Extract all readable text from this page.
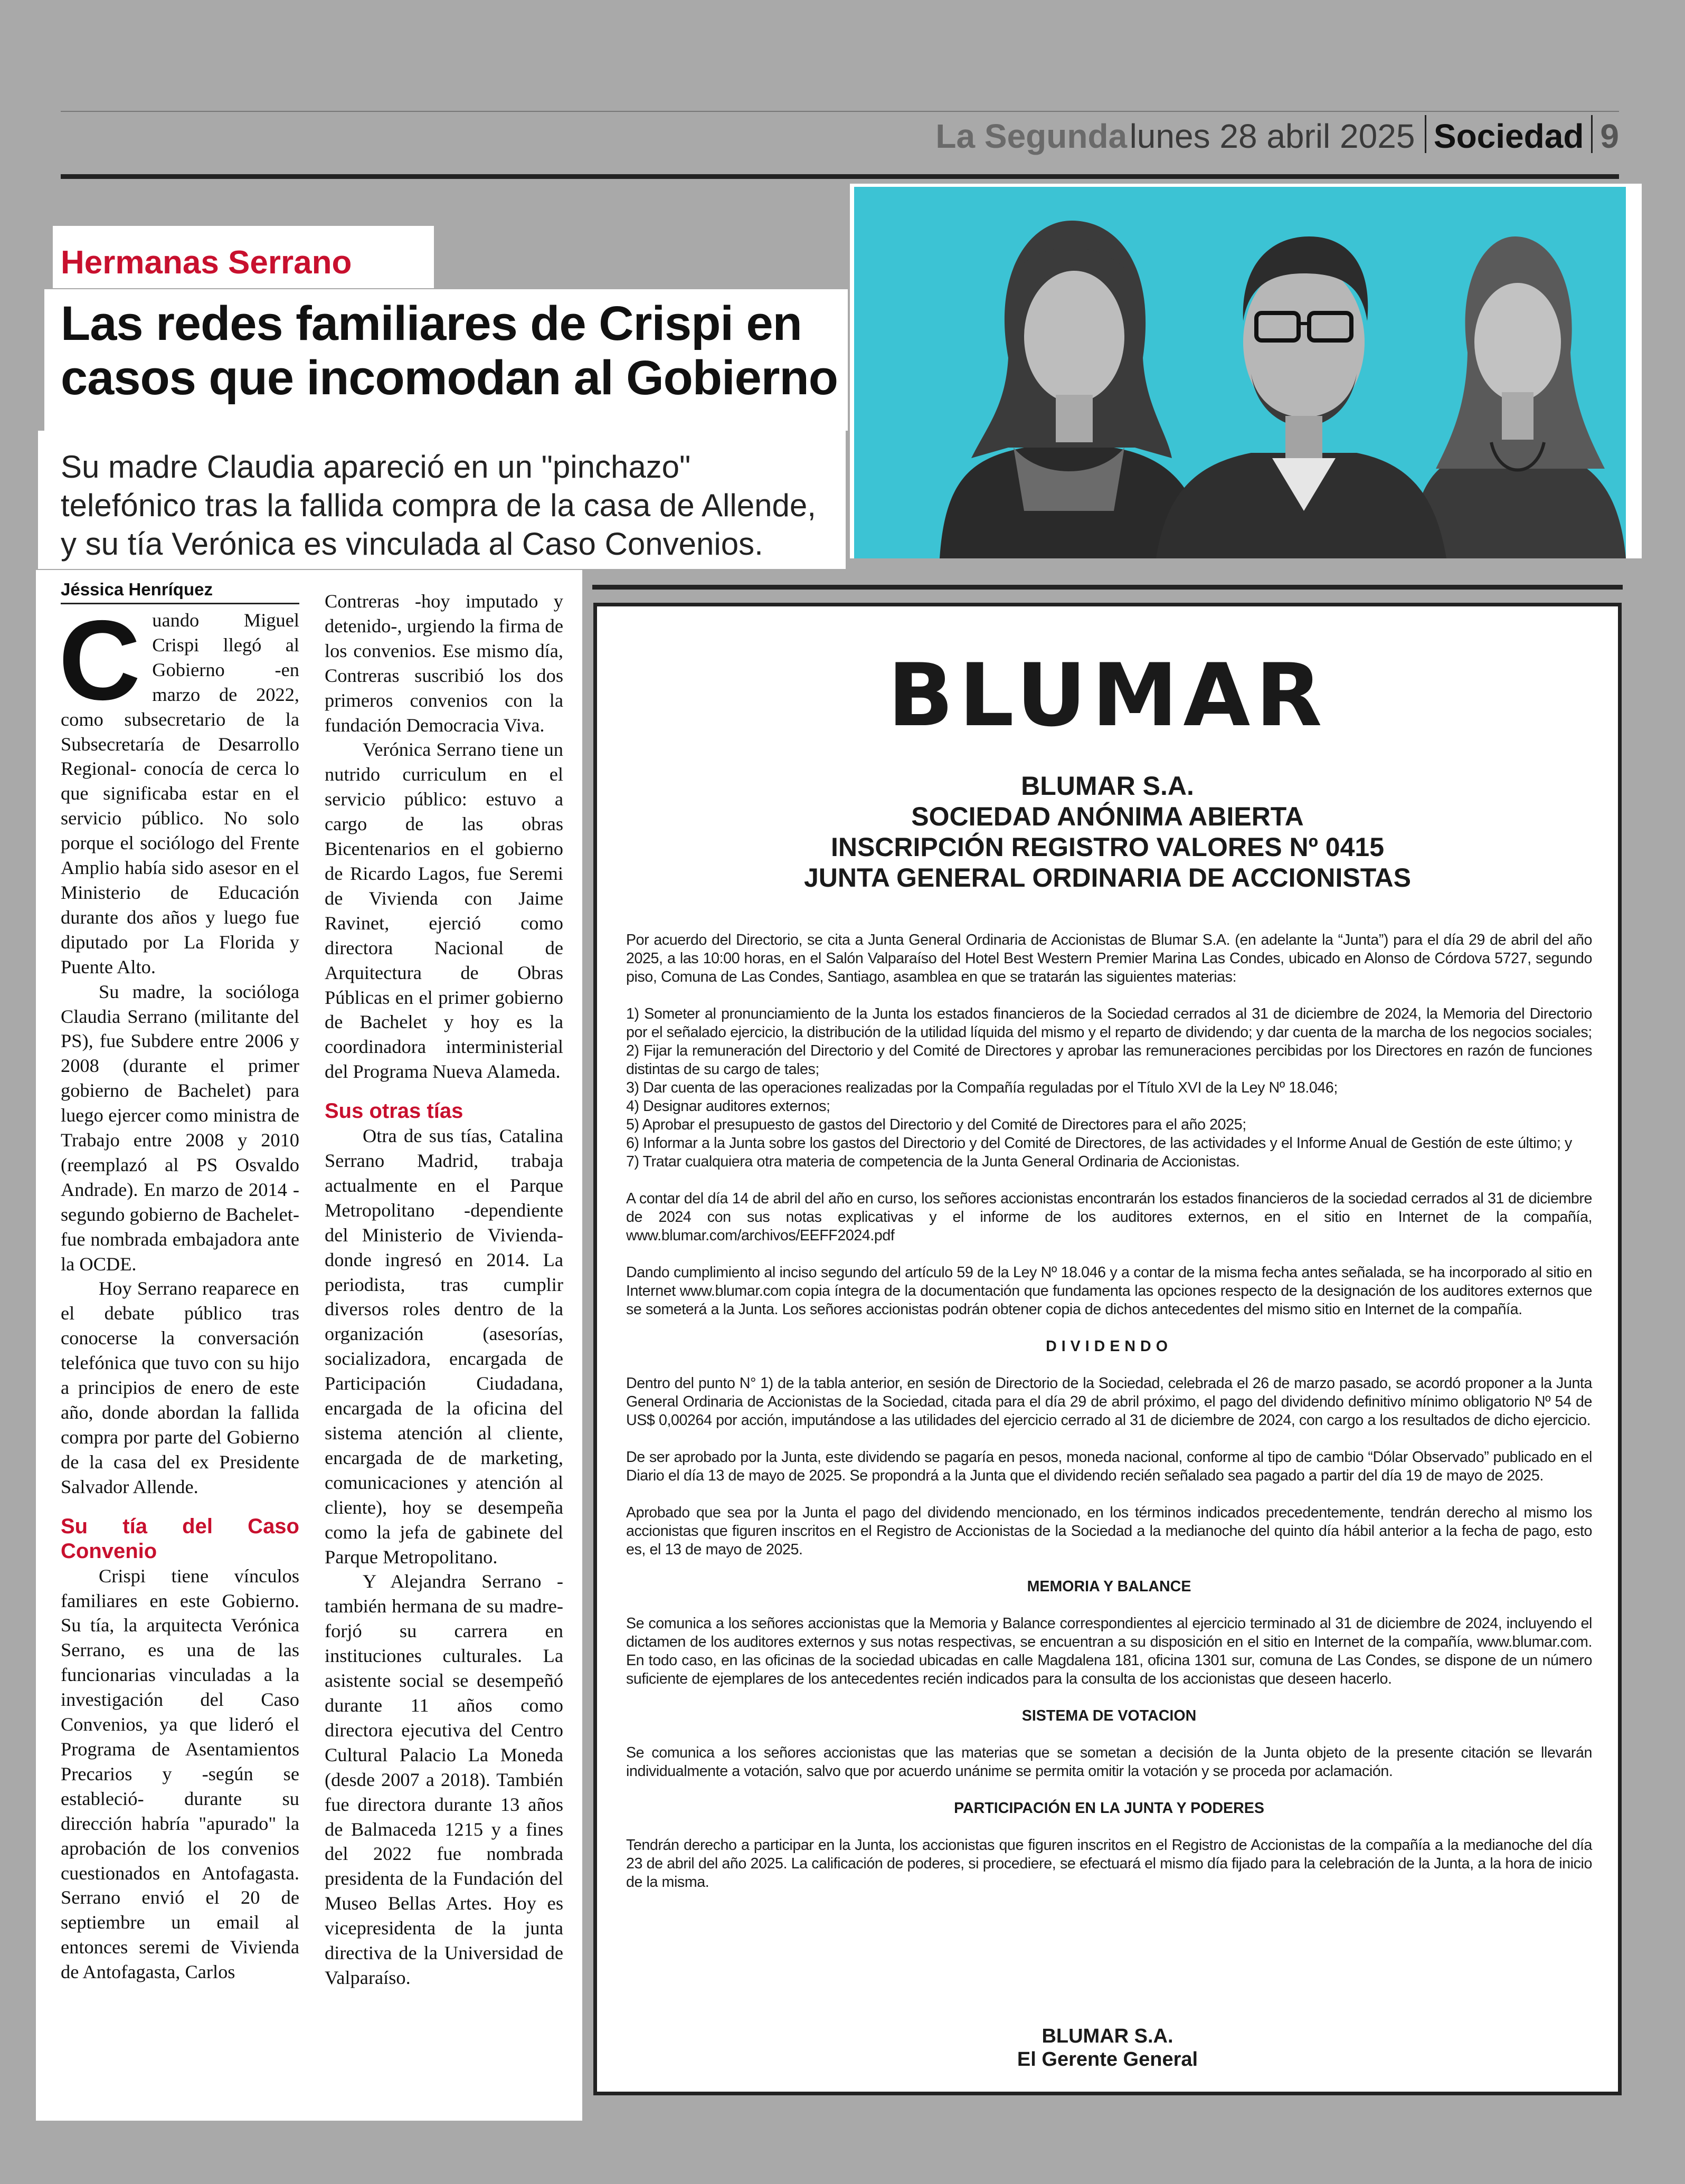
La Segunda lunes 28 abril 2025 Sociedad 9
Hermanas Serrano
Las redes familiares de Crispi en
casos que incomodan al Gobierno
Su madre Claudia apareció en un "pinchazo"
telefónico tras la fallida compra de la casa de Allende,
y su tía Verónica es vinculada al Caso Convenios.
Jéssica Henríquez

Cuando Miguel Crispi llegó al Gobierno -en marzo de 2022, como subsecretario de la Subsecretaría de Desarrollo Regional- conocía de cerca lo que significaba estar en el servicio público. No solo porque el sociólogo del Frente Amplio había sido asesor en el Ministerio de Educación durante dos años y luego fue diputado por La Florida y Puente Alto.

Su madre, la socióloga Claudia Serrano (militante del PS), fue Subdere entre 2006 y 2008 (durante el primer gobierno de Bachelet) para luego ejercer como ministra de Trabajo entre 2008 y 2010 (reemplazó al PS Osvaldo Andrade). En marzo de 2014 -segundo gobierno de Bachelet- fue nombrada embajadora ante la OCDE.

Hoy Serrano reaparece en el debate público tras conocerse la conversación telefónica que tuvo con su hijo a principios de enero de este año, donde abordan la fallida compra por parte del Gobierno de la casa del ex Presidente Salvador Allende.

Su tía del Caso Convenio

Crispi tiene vínculos familiares en este Gobierno. Su tía, la arquitecta Verónica Serrano, es una de las funcionarias vinculadas a la investigación del Caso Convenios, ya que lideró el Programa de Asentamientos Precarios y -según se estableció- durante su dirección habría "apurado" la aprobación de los convenios cuestionados en Antofagasta. Serrano envió el 20 de septiembre un email al entonces seremi de Vivienda de Antofagasta, Carlos

Contreras -hoy imputado y detenido-, urgiendo la firma de los convenios. Ese mismo día, Contreras suscribió los dos primeros convenios con la fundación Democracia Viva.

Verónica Serrano tiene un nutrido curriculum en el servicio público: estuvo a cargo de las obras Bicentenarios en el gobierno de Ricardo Lagos, fue Seremi de Vivienda con Jaime Ravinet, ejerció como directora Nacional de Arquitectura de Obras Públicas en el primer gobierno de Bachelet y hoy es la coordinadora interministerial del Programa Nueva Alameda.

Sus otras tías

Otra de sus tías, Catalina Serrano Madrid, trabaja actualmente en el Parque Metropolitano -dependiente del Ministerio de Vivienda- donde ingresó en 2014. La periodista, tras cumplir diversos roles dentro de la organización (asesorías, socializadora, encargada de Participación Ciudadana, encargada de la oficina del sistema atención al cliente, encargada de de marketing, comunicaciones y atención al cliente), hoy se desempeña como la jefa de gabinete del Parque Metropolitano.

Y Alejandra Serrano -también hermana de su madre- forjó su carrera en instituciones culturales. La asistente social se desempeñó durante 11 años como directora ejecutiva del Centro Cultural Palacio La Moneda (desde 2007 a 2018). También fue directora durante 13 años de Balmaceda 1215 y a fines del 2022 fue nombrada presidenta de la Fundación del Museo Bellas Artes. Hoy es vicepresidenta de la junta directiva de la Universidad de Valparaíso.

BLUMAR
BLUMAR S.A.
SOCIEDAD ANÓNIMA ABIERTA
INSCRIPCIÓN REGISTRO VALORES Nº 0415
JUNTA GENERAL ORDINARIA DE ACCIONISTAS

Por acuerdo del Directorio, se cita a Junta General Ordinaria de Accionistas de Blumar S.A. (en adelante la “Junta”) para el día 29 de abril del año 2025, a las 10:00 horas, en el Salón Valparaíso del Hotel Best Western Premier Marina Las Condes, ubicado en Alonso de Córdova 5727, segundo piso, Comuna de Las Condes, Santiago, asamblea en que se tratarán las siguientes materias:

1) Someter al pronunciamiento de la Junta los estados financieros de la Sociedad cerrados al 31 de diciembre de 2024, la Memoria del Directorio por el señalado ejercicio, la distribución de la utilidad líquida del mismo y el reparto de dividendo; y dar cuenta de la marcha de los negocios sociales;
2) Fijar la remuneración del Directorio y del Comité de Directores y aprobar las remuneraciones percibidas por los Directores en razón de funciones distintas de su cargo de tales;
3) Dar cuenta de las operaciones realizadas por la Compañía reguladas por el Título XVI de la Ley Nº 18.046;
4) Designar auditores externos;
5) Aprobar el presupuesto de gastos del Directorio y del Comité de Directores para el año 2025;
6) Informar a la Junta sobre los gastos del Directorio y del Comité de Directores, de las actividades y el Informe Anual de Gestión de este último; y
7) Tratar cualquiera otra materia de competencia de la Junta General Ordinaria de Accionistas.

A contar del día 14 de abril del año en curso, los señores accionistas encontrarán los estados financieros de la sociedad cerrados al 31 de diciembre de 2024 con sus notas explicativas y el informe de los auditores externos, en el sitio en Internet de la compañía, www.blumar.com/archivos/EEFF2024.pdf

Dando cumplimiento al inciso segundo del artículo 59 de la Ley Nº 18.046 y a contar de la misma fecha antes señalada, se ha incorporado al sitio en Internet www.blumar.com copia íntegra de la documentación que fundamenta las opciones respecto de la designación de los auditores externos que se someterá a la Junta. Los señores accionistas podrán obtener copia de dichos antecedentes del mismo sitio en Internet de la compañía.

DIVIDENDO

Dentro del punto N° 1) de la tabla anterior, en sesión de Directorio de la Sociedad, celebrada el 26 de marzo pasado, se acordó proponer a la Junta General Ordinaria de Accionistas de la Sociedad, citada para el día 29 de abril próximo, el pago del dividendo definitivo mínimo obligatorio Nº 54 de US$ 0,00264 por acción, imputándose a las utilidades del ejercicio cerrado al 31 de diciembre de 2024, con cargo a los resultados de dicho ejercicio.

De ser aprobado por la Junta, este dividendo se pagaría en pesos, moneda nacional, conforme al tipo de cambio “Dólar Observado” publicado en el Diario el día 13 de mayo de 2025. Se propondrá a la Junta que el dividendo recién señalado sea pagado a partir del día 19 de mayo de 2025.

Aprobado que sea por la Junta el pago del dividendo mencionado, en los términos indicados precedentemente, tendrán derecho al mismo los accionistas que figuren inscritos en el Registro de Accionistas de la Sociedad a la medianoche del quinto día hábil anterior a la fecha de pago, esto es, el 13 de mayo de 2025.

MEMORIA Y BALANCE

Se comunica a los señores accionistas que la Memoria y Balance correspondientes al ejercicio terminado al 31 de diciembre de 2024, incluyendo el dictamen de los auditores externos y sus notas respectivas, se encuentran a su disposición en el sitio en Internet de la compañía, www.blumar.com. En todo caso, en las oficinas de la sociedad ubicadas en calle Magdalena 181, oficina 1301 sur, comuna de Las Condes, se dispone de un número suficiente de ejemplares de los antecedentes recién indicados para la consulta de los accionistas que deseen hacerlo.

SISTEMA DE VOTACION

Se comunica a los señores accionistas que las materias que se sometan a decisión de la Junta objeto de la presente citación se llevarán individualmente a votación, salvo que por acuerdo unánime se permita omitir la votación y se proceda por aclamación.

PARTICIPACIÓN EN LA JUNTA Y PODERES

Tendrán derecho a participar en la Junta, los accionistas que figuren inscritos en el Registro de Accionistas de la compañía a la medianoche del día 23 de abril del año 2025. La calificación de poderes, si procediere, se efectuará el mismo día fijado para la celebración de la Junta, a la hora de inicio de la misma.

BLUMAR S.A.
El Gerente General
